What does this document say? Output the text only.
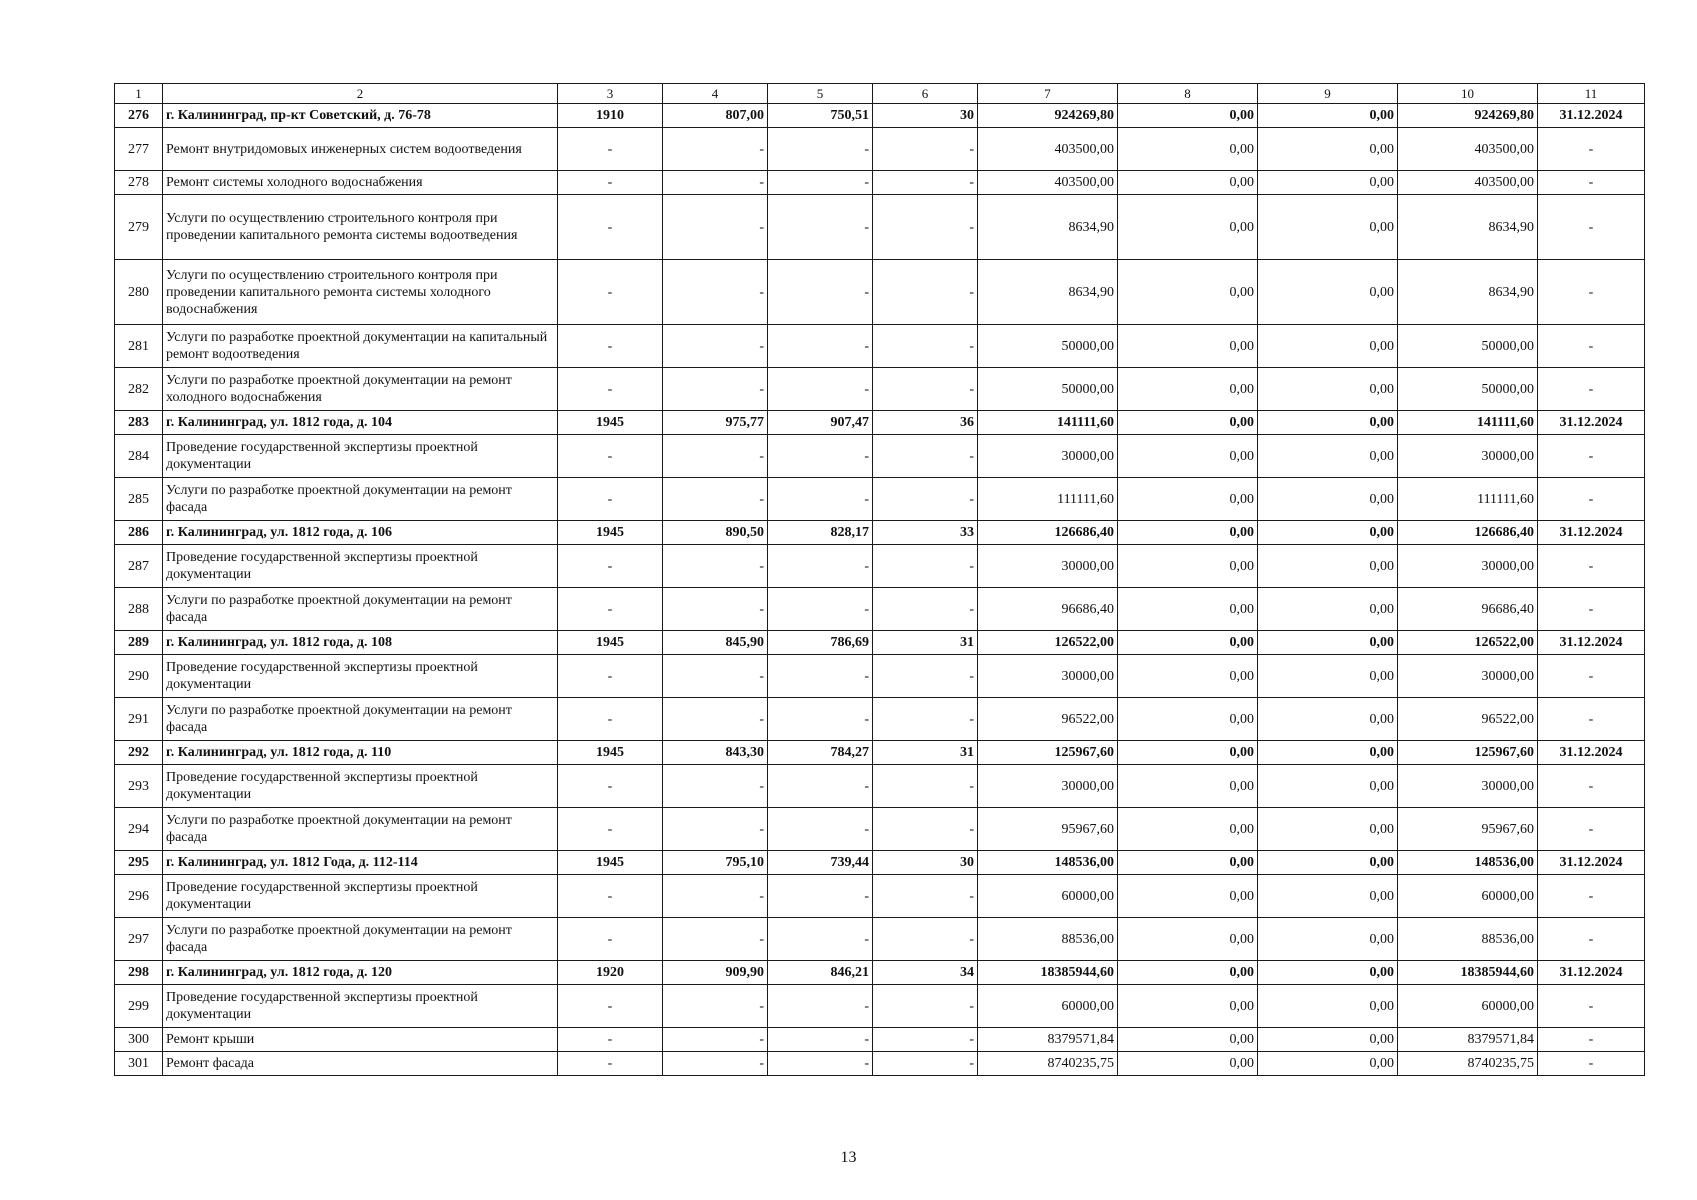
1	2	3	4	5	6	7	8	9	10	11
276	г. Калининград, пр-кт Советский, д. 76-78	1910	807,00	750,51	30	924269,80	0,00	0,00	924269,80	31.12.2024
277	Ремонт внутридомовых инженерных систем водоотведения	-	-	-	-	403500,00	0,00	0,00	403500,00	-
278	Ремонт системы холодного водоснабжения	-	-	-	-	403500,00	0,00	0,00	403500,00	-
279	Услуги по осуществлению строительного контроля при проведении капитального ремонта системы водоотведения	-	-	-	-	8634,90	0,00	0,00	8634,90	-
280	Услуги по осуществлению строительного контроля при проведении капитального ремонта системы холодного водоснабжения	-	-	-	-	8634,90	0,00	0,00	8634,90	-
281	Услуги по разработке проектной документации на капитальный ремонт водоотведения	-	-	-	-	50000,00	0,00	0,00	50000,00	-
282	Услуги по разработке проектной документации на ремонт холодного водоснабжения	-	-	-	-	50000,00	0,00	0,00	50000,00	-
283	г. Калининград, ул. 1812 года, д. 104	1945	975,77	907,47	36	141111,60	0,00	0,00	141111,60	31.12.2024
284	Проведение государственной экспертизы проектной документации	-	-	-	-	30000,00	0,00	0,00	30000,00	-
285	Услуги по разработке проектной документации на ремонт фасада	-	-	-	-	111111,60	0,00	0,00	111111,60	-
286	г. Калининград, ул. 1812 года, д. 106	1945	890,50	828,17	33	126686,40	0,00	0,00	126686,40	31.12.2024
287	Проведение государственной экспертизы проектной документации	-	-	-	-	30000,00	0,00	0,00	30000,00	-
288	Услуги по разработке проектной документации на ремонт фасада	-	-	-	-	96686,40	0,00	0,00	96686,40	-
289	г. Калининград, ул. 1812 года, д. 108	1945	845,90	786,69	31	126522,00	0,00	0,00	126522,00	31.12.2024
290	Проведение государственной экспертизы проектной документации	-	-	-	-	30000,00	0,00	0,00	30000,00	-
291	Услуги по разработке проектной документации на ремонт фасада	-	-	-	-	96522,00	0,00	0,00	96522,00	-
292	г. Калининград, ул. 1812 года, д. 110	1945	843,30	784,27	31	125967,60	0,00	0,00	125967,60	31.12.2024
293	Проведение государственной экспертизы проектной документации	-	-	-	-	30000,00	0,00	0,00	30000,00	-
294	Услуги по разработке проектной документации на ремонт фасада	-	-	-	-	95967,60	0,00	0,00	95967,60	-
295	г. Калининград, ул. 1812 Года, д. 112-114	1945	795,10	739,44	30	148536,00	0,00	0,00	148536,00	31.12.2024
296	Проведение государственной экспертизы проектной документации	-	-	-	-	60000,00	0,00	0,00	60000,00	-
297	Услуги по разработке проектной документации на ремонт фасада	-	-	-	-	88536,00	0,00	0,00	88536,00	-
298	г. Калининград, ул. 1812 года, д. 120	1920	909,90	846,21	34	18385944,60	0,00	0,00	18385944,60	31.12.2024
299	Проведение государственной экспертизы проектной документации	-	-	-	-	60000,00	0,00	0,00	60000,00	-
300	Ремонт крыши	-	-	-	-	8379571,84	0,00	0,00	8379571,84	-
301	Ремонт фасада	-	-	-	-	8740235,75	0,00	0,00	8740235,75	-
13
